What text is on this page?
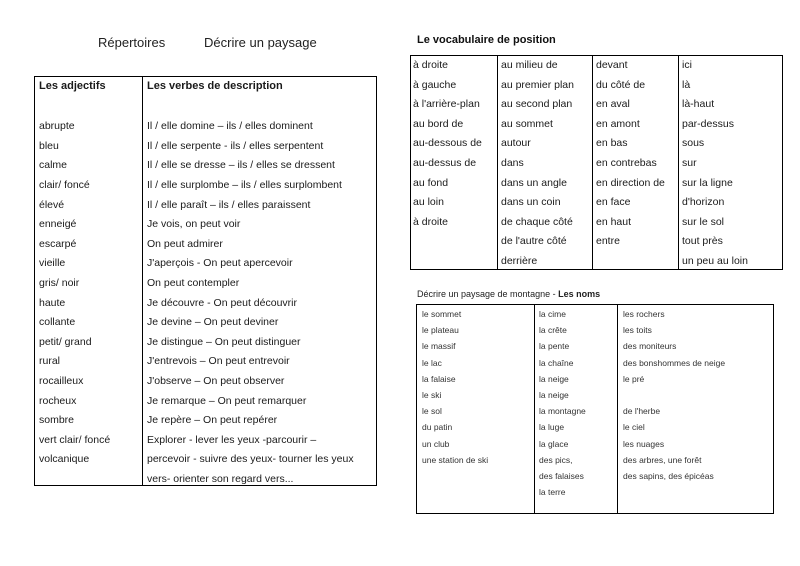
Répertoires	Décrire un paysage
Les adjectifs
abrupte
bleu
calme
clair/ foncé
élevé
enneigé
escarpé
vieille
gris/ noir
haute
collante
petit/ grand
rural
rocailleux
rocheux
sombre
vert clair/ foncé
volcanique
Les verbes de description
Il / elle domine – ils / elles dominent
Il / elle serpente - ils / elles serpentent
Il / elle se dresse – ils / elles se dressent
Il / elle surplombe – ils / elles surplombent
Il / elle paraît – ils / elles paraissent
Je vois, on peut voir
On peut admirer
J'aperçois - On peut apercevoir
On peut contempler
Je découvre - On peut découvrir
Je devine – On peut deviner
Je distingue – On peut distinguer
J'entrevois – On peut entrevoir
J'observe – On peut observer
Je remarque – On peut remarquer
Je repère – On peut repérer
Explorer - lever les yeux -parcourir –
percevoir - suivre des yeux- tourner les yeux
vers- orienter son regard vers...
Le vocabulaire de position
à droite
à gauche
à l'arrière-plan
au bord de
au-dessous de
au-dessus de
au fond
au loin
à droite
au milieu de
au premier plan
au second plan
au sommet
autour
dans
dans un angle
dans un coin
de chaque côté
de l'autre côté
derrière
devant
du côté de
en aval
en amont
en bas
en contrebas
en direction de
en face
en haut
entre
ici
là
là-haut
par-dessus
sous
sur
sur la ligne
d'horizon
sur le sol
tout près
un peu au loin
Décrire un paysage de montagne - Les noms
le sommet
le plateau
le massif
le lac
la falaise
le ski
le sol
du patin
un club
une station de ski
la cime
la crête
la pente
la chaîne
la neige
la neige
la montagne
la luge
la glace
des pics,
des falaises
la terre
les rochers
les toits
des moniteurs
des bonshommes de neige
le pré
de l'herbe
le ciel
les nuages
des arbres, une forêt
des sapins, des épicéas
